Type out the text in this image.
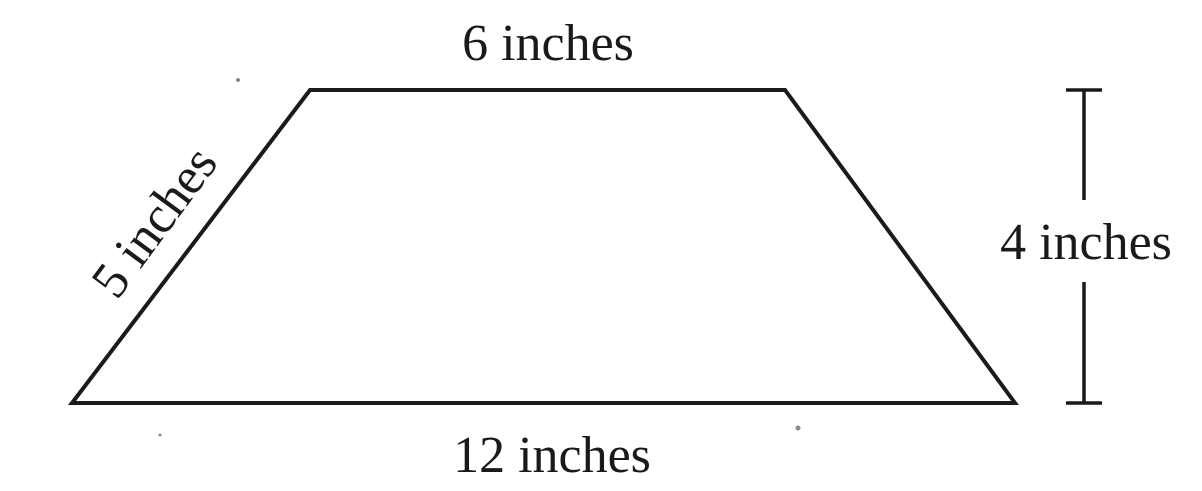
6 inches
5 inches	4 inches
12 inches
